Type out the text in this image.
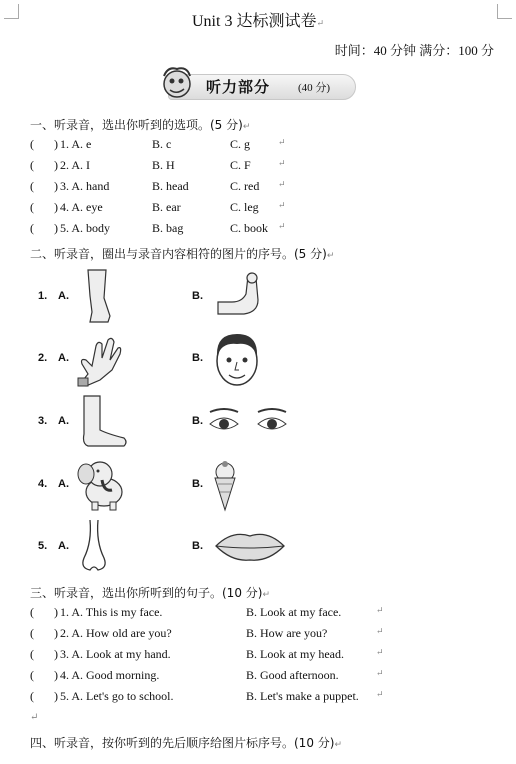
Unit 3 达标测试卷↵
时间：40 分钟 满分：100 分
听力部分	(40 分)
一、听录音，选出你听到的选项。(5 分)↵
( ) 1. A. e	B. c	C. g	↵
( ) 2. A. I	B. H	C. F	↵
( ) 3. A. hand	B. head	C. red ↵
( ) 4. A. eye	B. ear	C. leg ↵
( ) 5. A. body	B. bag	C. book ↵
二、听录音，圈出与录音内容相符的图片的序号。(5 分)↵
1. A.	B.
2. A.	B.
3. A.	B.
4. A.	B.
5. A.	B.
三、听录音，选出你所听到的句子。(10 分)↵
( ) 1. A. This is my face.	B. Look at my face.	↵
( ) 2. A. How old are you?	B. How are you?	↵
( ) 3. A. Look at my hand.	B. Look at my head.	↵
( ) 4. A. Good morning.	B. Good afternoon.	↵
( ) 5. A. Let's go to school.	B. Let's make a puppet. ↵
↵
四、听录音，按你听到的先后顺序给图片标序号。(10 分)↵
